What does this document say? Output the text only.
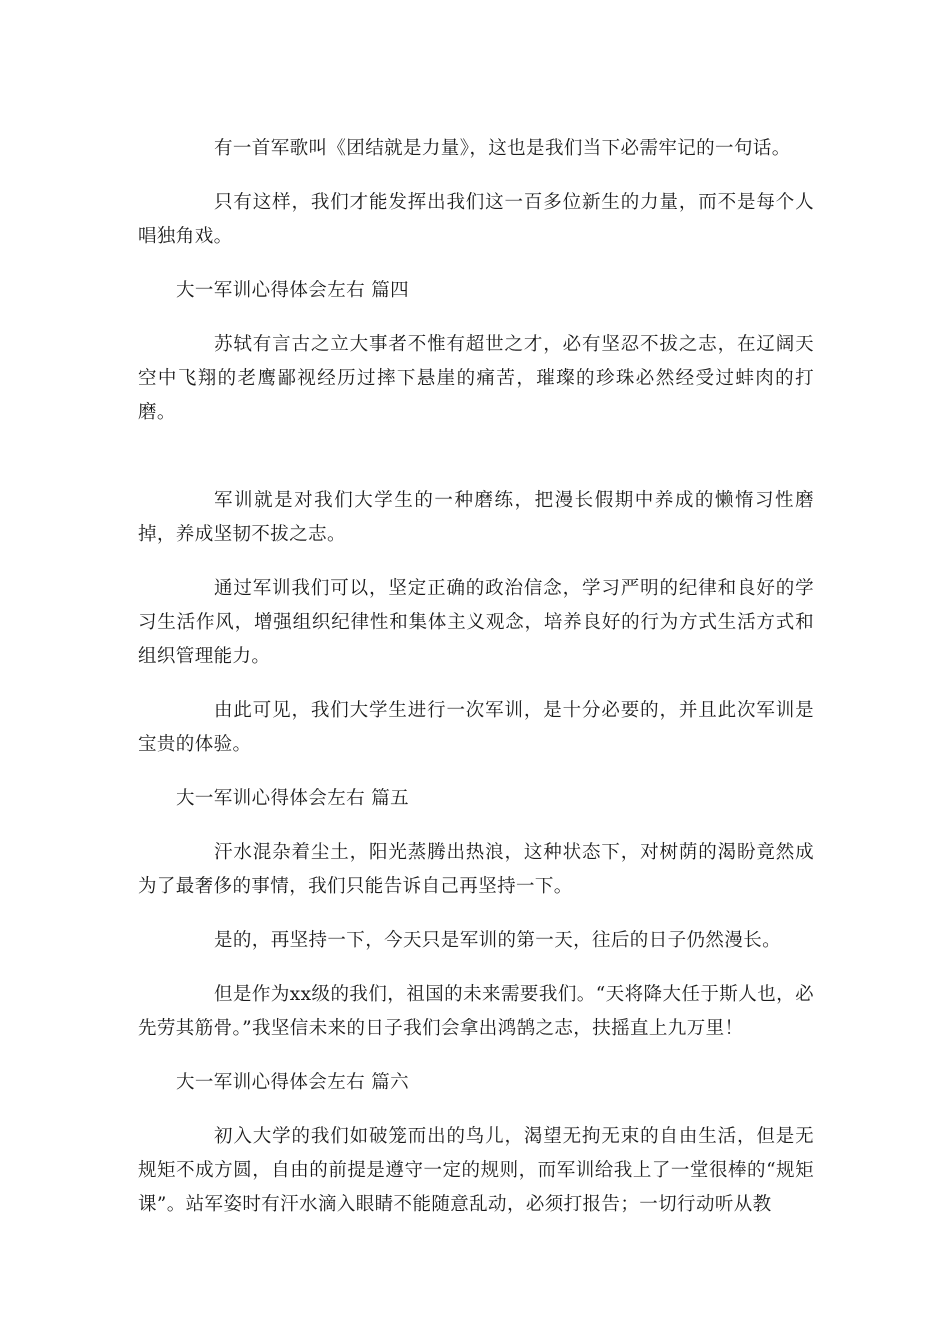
有一首军歌叫《团结就是力量》，这也是我们当下必需牢记的一句话。

只有这样，我们才能发挥出我们这一百多位新生的力量，而不是每个人唱独角戏。

大一军训心得体会左右 篇四

苏轼有言古之立大事者不惟有超世之才，必有坚忍不拔之志，在辽阔天空中飞翔的老鹰鄙视经历过摔下悬崖的痛苦，璀璨的珍珠必然经受过蚌肉的打磨。

军训就是对我们大学生的一种磨练，把漫长假期中养成的懒惰习性磨掉，养成坚韧不拔之志。

通过军训我们可以，坚定正确的政治信念，学习严明的纪律和良好的学习生活作风，增强组织纪律性和集体主义观念，培养良好的行为方式生活方式和组织管理能力。

由此可见，我们大学生进行一次军训，是十分必要的，并且此次军训是宝贵的体验。

大一军训心得体会左右 篇五

汗水混杂着尘土，阳光蒸腾出热浪，这种状态下，对树荫的渴盼竟然成为了最奢侈的事情，我们只能告诉自己再坚持一下。

是的，再坚持一下，今天只是军训的第一天，往后的日子仍然漫长。

但是作为xx级的我们，祖国的未来需要我们。“天将降大任于斯人也，必先劳其筋骨。”我坚信未来的日子我们会拿出鸿鹄之志，扶摇直上九万里！

大一军训心得体会左右 篇六

初入大学的我们如破笼而出的鸟儿，渴望无拘无束的自由生活，但是无规矩不成方圆，自由的前提是遵守一定的规则，而军训给我上了一堂很棒的“规矩课”。站军姿时有汗水滴入眼睛不能随意乱动，必须打报告；一切行动听从教
